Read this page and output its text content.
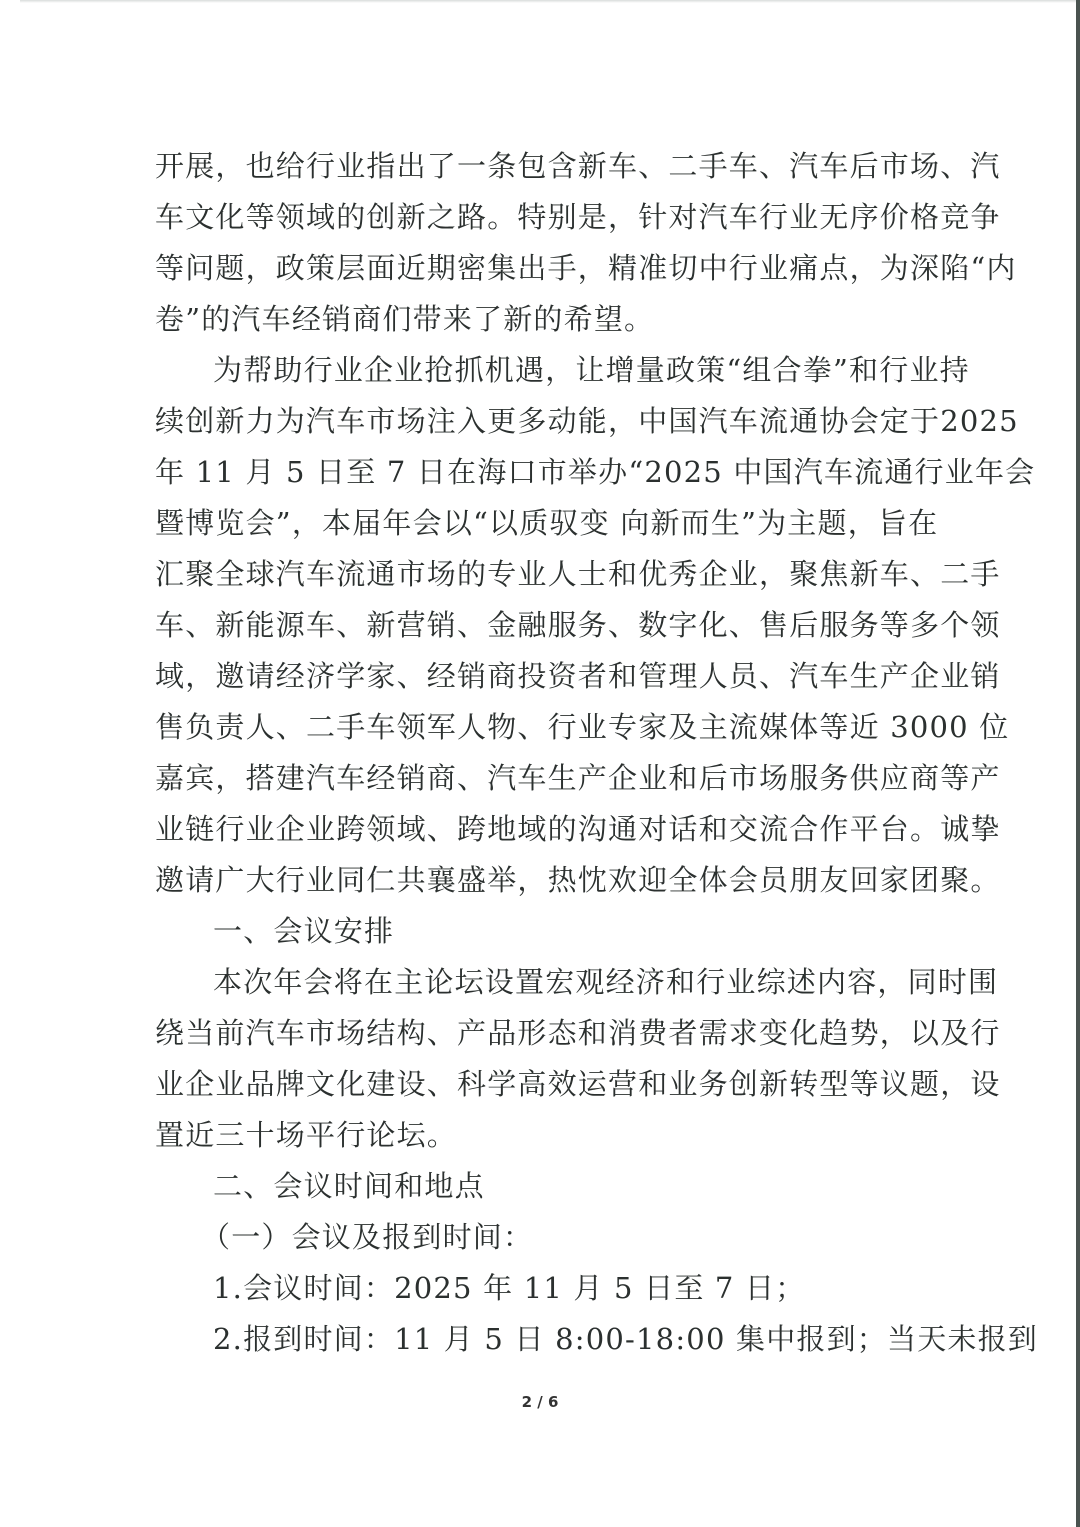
开展，也给行业指出了一条包含新车、二手车、汽车后市场、汽
车文化等领域的创新之路。特别是，针对汽车行业无序价格竞争
等问题，政策层面近期密集出手，精准切中行业痛点，为深陷“内
卷”的汽车经销商们带来了新的希望。
为帮助行业企业抢抓机遇，让增量政策“组合拳”和行业持
续创新力为汽车市场注入更多动能，中国汽车流通协会定于2025
年 11 月 5 日至 7 日在海口市举办“2025 中国汽车流通行业年会
暨博览会”，本届年会以“以质驭变 向新而生”为主题，旨在
汇聚全球汽车流通市场的专业人士和优秀企业，聚焦新车、二手
车、新能源车、新营销、金融服务、数字化、售后服务等多个领
域，邀请经济学家、经销商投资者和管理人员、汽车生产企业销
售负责人、二手车领军人物、行业专家及主流媒体等近 3000 位
嘉宾，搭建汽车经销商、汽车生产企业和后市场服务供应商等产
业链行业企业跨领域、跨地域的沟通对话和交流合作平台。诚挚
邀请广大行业同仁共襄盛举，热忱欢迎全体会员朋友回家团聚。
一、会议安排
本次年会将在主论坛设置宏观经济和行业综述内容，同时围
绕当前汽车市场结构、产品形态和消费者需求变化趋势，以及行
业企业品牌文化建设、科学高效运营和业务创新转型等议题，设
置近三十场平行论坛。
二、会议时间和地点
（一）会议及报到时间：
1.会议时间：2025 年 11 月 5 日至 7 日；
2.报到时间：11 月 5 日 8:00-18:00 集中报到；当天未报到
2 / 6
